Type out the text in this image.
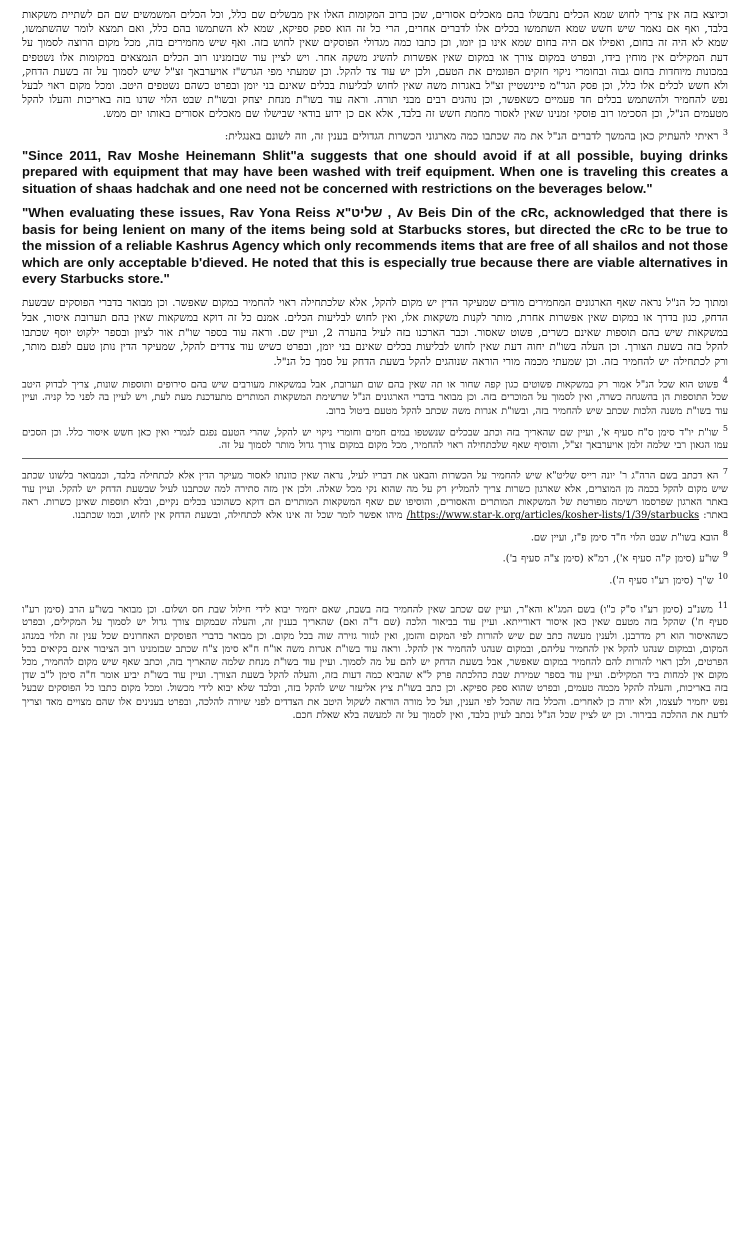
וכיוצא בזה אין צריך לחוש שמא הכלים נתבשלו בהם מאכלים אסורים, שכן ברוב המקומות האלו אין מבשלים שם כלל, וכל הכלים המשמשים שם הם לשתיית משקאות בלבד, ואף אם נאמר שיש חשש שמא השתמשו בכלים אלו לדברים אחרים, הרי כל זה הוא ספק ספיקא, שמא לא השתמשו בהם כלל, ואם תמצא לומר שהשתמשו, שמא לא היה זה בחום, ואפילו אם היה בחום שמא אינו בן יומו, וכן כתבו כמה מגדולי הפוסקים שאין לחוש בזה. ואף שיש מחמירים בזה, מכל מקום הרוצה לסמוך על דעת המקילים אין מוחין בידו, ובפרט במקום צורך או במקום שאין אפשרות להשיג משקה אחר. ויש לציין עוד שבזמנינו רוב הכלים הנמצאים במקומות אלו נשטפים במכונות מיוחדות בחום גבוה ובחומרי ניקוי חזקים הפוגמים את הטעם, ולכן יש עוד צד להקל. וכן שמעתי מפי הגרש"ז אויערבאך זצ"ל שיש לסמוך על זה בשעת הדחק, ולא חשש לכלים אלו כלל, וכן פסק הגר"מ פיינשטיין זצ"ל באגרות משה שאין לחוש לבליעות בכלים שאינם בני יומן ובפרט כשהם נשטפים היטב. ומכל מקום ראוי לבעל נפש להחמיר ולהשתמש בכלים חד פעמיים כשאפשר, וכן נוהגים רבים מבני תורה. וראה עוד בשו"ת מנחת יצחק ובשו"ת שבט הלוי שדנו בזה באריכות והעלו להקל מטעמים הנ"ל, וכן הסכימו רוב פוסקי זמנינו שאין לאסור מחמת חשש זה בלבד, אלא אם כן ידוע בודאי שבישלו שם מאכלים אסורים באותו יום ממש.

$^3$ ראיתי להעתיק כאן בהמשך לדברים הנ"ל את מה שכתבו כמה מארגוני הכשרות הגדולים בענין זה, וזה לשונם באנגלית:

"Since 2011, Rav Moshe Heinemann Shlit"a suggests that one should avoid if at all possible, buying drinks prepared with equipment that may have been washed with treif equipment. When one is traveling this creates a situation of shaas hadchak and one need not be concerned with restrictions on the beverages below."

"When evaluating these issues, Rav Yona Reiss שליט"א , Av Beis Din of the cRc, acknowledged that there is basis for being lenient on many of the items being sold at Starbucks stores, but directed the cRc to be true to the mission of a reliable Kashrus Agency which only recommends items that are free of all shailos and not those which are only acceptable b'dieved. He noted that this is especially true because there are viable alternatives in every Starbucks store."

ומתוך כל הנ"ל נראה שאף הארגונים המחמירים מודים שמעיקר הדין יש מקום להקל, אלא שלכתחילה ראוי להחמיר במקום שאפשר. וכן מבואר בדברי הפוסקים שבשעת הדחק, כגון בדרך או במקום שאין אפשרות אחרת, מותר לקנות משקאות אלו, ואין לחוש לבליעות הכלים. אמנם כל זה דוקא במשקאות שאין בהם תערובת איסור, אבל במשקאות שיש בהם תוספות שאינם כשרים, פשוט שאסור. וכבר הארכנו בזה לעיל בהערה 2, ועיין שם. וראה עוד בספר שו"ת אור לציון ובספר ילקוט יוסף שכתבו להקל בזה בשעת הצורך. וכן העלה בשו"ת יחוה דעת שאין לחוש לבליעות בכלים שאינם בני יומן, ובפרט כשיש עוד צדדים להקל, שמעיקר הדין נותן טעם לפגם מותר, ורק לכתחילה יש להחמיר בזה. וכן שמעתי מכמה מורי הוראה שנוהגים להקל בשעת הדחק על סמך כל הנ"ל.

$^4$ פשוט הוא שכל הנ"ל אמור רק במשקאות פשוטים כגון קפה שחור או תה שאין בהם שום תערובת, אבל במשקאות מעורבים שיש בהם סירופים ותוספות שונות, צריך לבדוק היטב שכל התוספות הן בהשגחה כשרה, ואין לסמוך על המוכרים בזה. וכן מבואר בדברי הארגונים הנ"ל שרשימת המשקאות המותרים מתעדכנת מעת לעת, ויש לעיין בה לפני כל קניה. ועיין עוד בשו"ת משנה הלכות שכתב שיש להחמיר בזה, ובשו"ת אגרות משה שכתב להקל מטעם ביטול ברוב.

$^5$ שו"ת יו"ד סימן ס"ח סעיף א', ועיין שם שהאריך בזה וכתב שבכלים שנשטפו במים חמים וחומרי ניקוי יש להקל, שהרי הטעם נפגם לגמרי ואין כאן חשש איסור כלל. וכן הסכים עמו הגאון רבי שלמה זלמן אויערבאך זצ"ל, והוסיף שאף שלכתחילה ראוי להחמיר, מכל מקום במקום צורך גדול מותר לסמוך על זה.

$^7$ הא דכתב בשם הרה"ג ר' יונה רייס שליט"א שיש להחמיר על הכשרות והבאנו את דבריו לעיל, נראה שאין כוונתו לאסור מעיקר הדין אלא לכתחילה בלבד, וכמבואר בלשונו שכתב שיש מקום להקל בכמה מן המוצרים, אלא שארגון כשרות צריך להמליץ רק על מה שהוא נקי מכל שאלה. ולכן אין מזה סתירה למה שכתבנו לעיל שבשעת הדחק יש להקל. ועיין עוד באתר הארגון שפרסמו רשימה מפורטת של המשקאות המותרים והאסורים, והוסיפו שם שאף המשקאות המותרים הם דוקא כשהוכנו בכלים נקיים, ובלא תוספות שאינן כשרות. ראה באתר: https://www.star-k.org/articles/kosher-lists/1/39/starbucks/ מיהו אפשר לומר שכל זה אינו אלא לכתחילה, ובשעת הדחק אין לחוש, וכמו שכתבנו.

$^8$ הובא בשו"ת שבט הלוי ח"ד סימן פ"ז, ועיין שם.

$^9$ שו"ע (סימן ק"ה סעיף א'), רמ"א (סימן צ"ה סעיף ב').

$^{10}$ ש"ך (סימן רע"ו סעיף ה').

$^{11}$ משנ"ב (סימן רע"ו ס"ק כ"ו) בשם המג"א והא"ר, ועיין שם שכתב שאין להחמיר בזה בשבת, שאם יחמיר יבוא לידי חילול שבת חס ושלום. וכן מבואר בשו"ע הרב (סימן רע"ו סעיף ח') שהקל בזה מטעם שאין כאן איסור דאורייתא. ועיין עוד בביאור הלכה (שם ד"ה ואם) שהאריך בענין זה, והעלה שבמקום צורך גדול יש לסמוך על המקילים, ובפרט כשהאיסור הוא רק מדרבנן. ולענין מעשה כתב שם שיש להורות לפי המקום והזמן, ואין לגזור גזירה שוה בכל מקום. וכן מבואר בדברי הפוסקים האחרונים שכל ענין זה תלוי במנהג המקום, ובמקום שנהגו להקל אין להחמיר עליהם, ובמקום שנהגו להחמיר אין להקל. וראה עוד בשו"ת אגרות משה או"ח ח"א סימן צ"ח שכתב שבזמנינו רוב הציבור אינם בקיאים בכל הפרטים, ולכן ראוי להורות להם להחמיר במקום שאפשר, אבל בשעת הדחק יש להם על מה לסמוך. ועיין עוד בשו"ת מנחת שלמה שהאריך בזה, וכתב שאף שיש מקום להחמיר, מכל מקום אין למחות ביד המקילים. ועיין עוד בספר שמירת שבת כהלכתה פרק ל"א שהביא כמה דעות בזה, והעלה להקל בשעת הצורך. ועיין עוד בשו"ת יביע אומר ח"ה סימן ל"ב שדן בזה באריכות, והעלה להקל מכמה טעמים, ובפרט שהוא ספק ספיקא. וכן כתב בשו"ת ציץ אליעזר שיש להקל בזה, ובלבד שלא יבוא לידי מכשול. ומכל מקום כתבו כל הפוסקים שבעל נפש יחמיר לעצמו, ולא יורה כן לאחרים. והכלל בזה שהכל לפי הענין, ועל כל מורה הוראה לשקול היטב את הצדדים לפני שיורה להלכה, ובפרט בענינים אלו שהם מצויים מאד וצריך לדעת את ההלכה בבירור. וכן יש לציין שכל הנ"ל נכתב לעיון בלבד, ואין לסמוך על זה למעשה בלא שאלת חכם.
